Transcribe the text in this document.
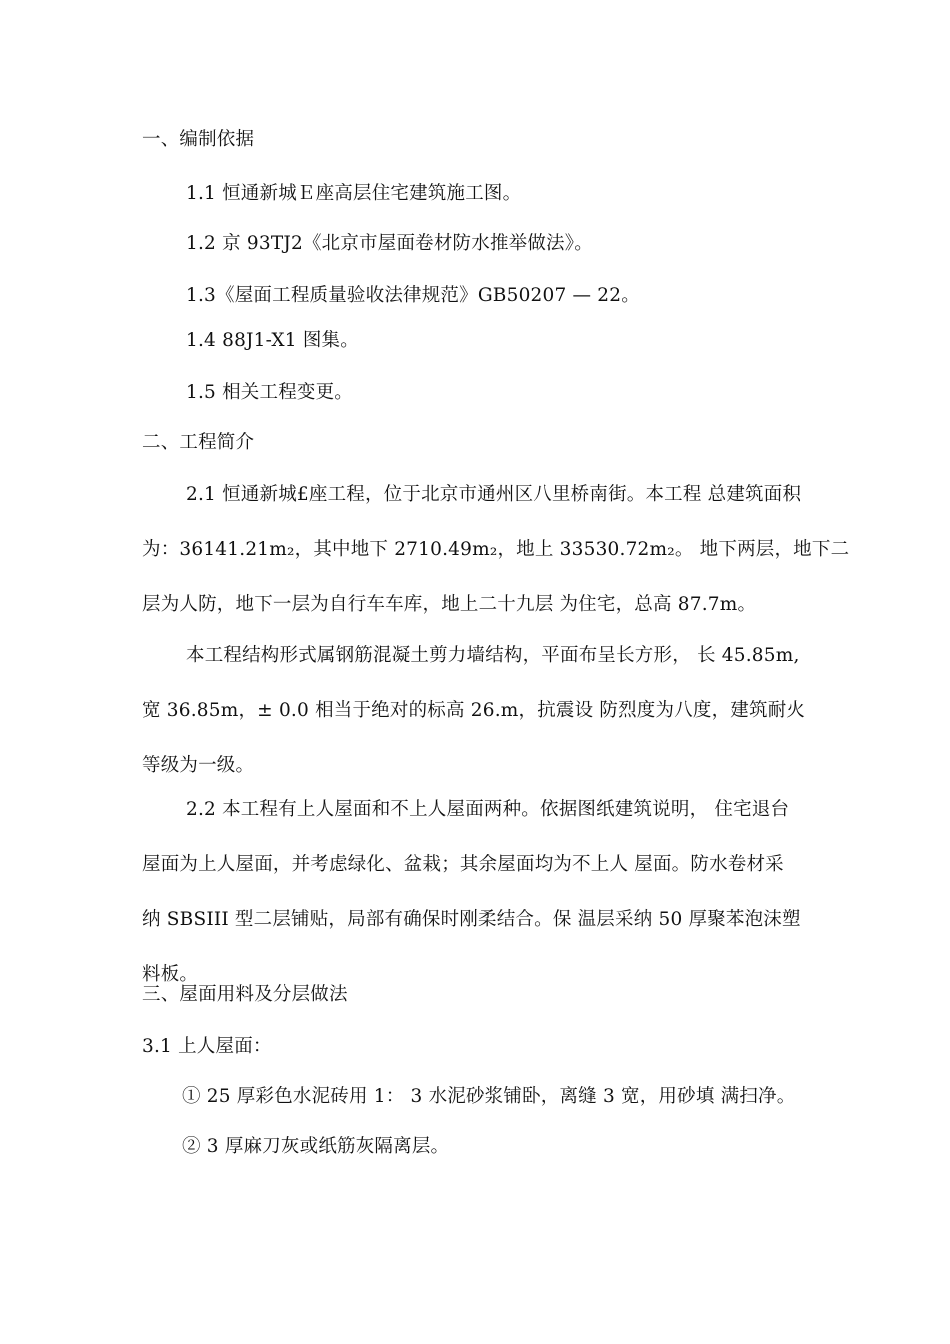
一、编制依据
1.1 恒通新城Ｅ座高层住宅建筑施工图。
1.2 京 93TJ2《北京市屋面卷材防水推举做法》。
1.3《屋面工程质量验收法律规范》GB50207 — 22。
1.4 88J1-X1 图集。
1.5 相关工程变更。
二、工程简介
2.1 恒通新城£座工程，位于北京市通州区八里桥南街。本工程 总建筑面积
为：36141.21m₂，其中地下 2710.49m₂，地上 33530.72m₂。 地下两层，地下二
层为人防，地下一层为自行车车库，地上二十九层 为住宅，总高 87.7m。
本工程结构形式属钢筋混凝土剪力墙结构，平面布呈长方形， 长 45.85m,
宽 36.85m，± 0.0 相当于绝对的标高 26.m，抗震设 防烈度为八度，建筑耐火
等级为一级。
2.2 本工程有上人屋面和不上人屋面两种。依据图纸建筑说明， 住宅退台
屋面为上人屋面，并考虑绿化、盆栽；其余屋面均为不上人 屋面。防水卷材采
纳 SBSIII 型二层铺贴，局部有确保时刚柔结合。保 温层采纳 50 厚聚苯泡沫塑
料板。
三、屋面用料及分层做法
3.1 上人屋面：
① 25 厚彩色水泥砖用 1： 3 水泥砂浆铺卧，离缝 3 宽，用砂填 满扫净。
② 3 厚麻刀灰或纸筋灰隔离层。
